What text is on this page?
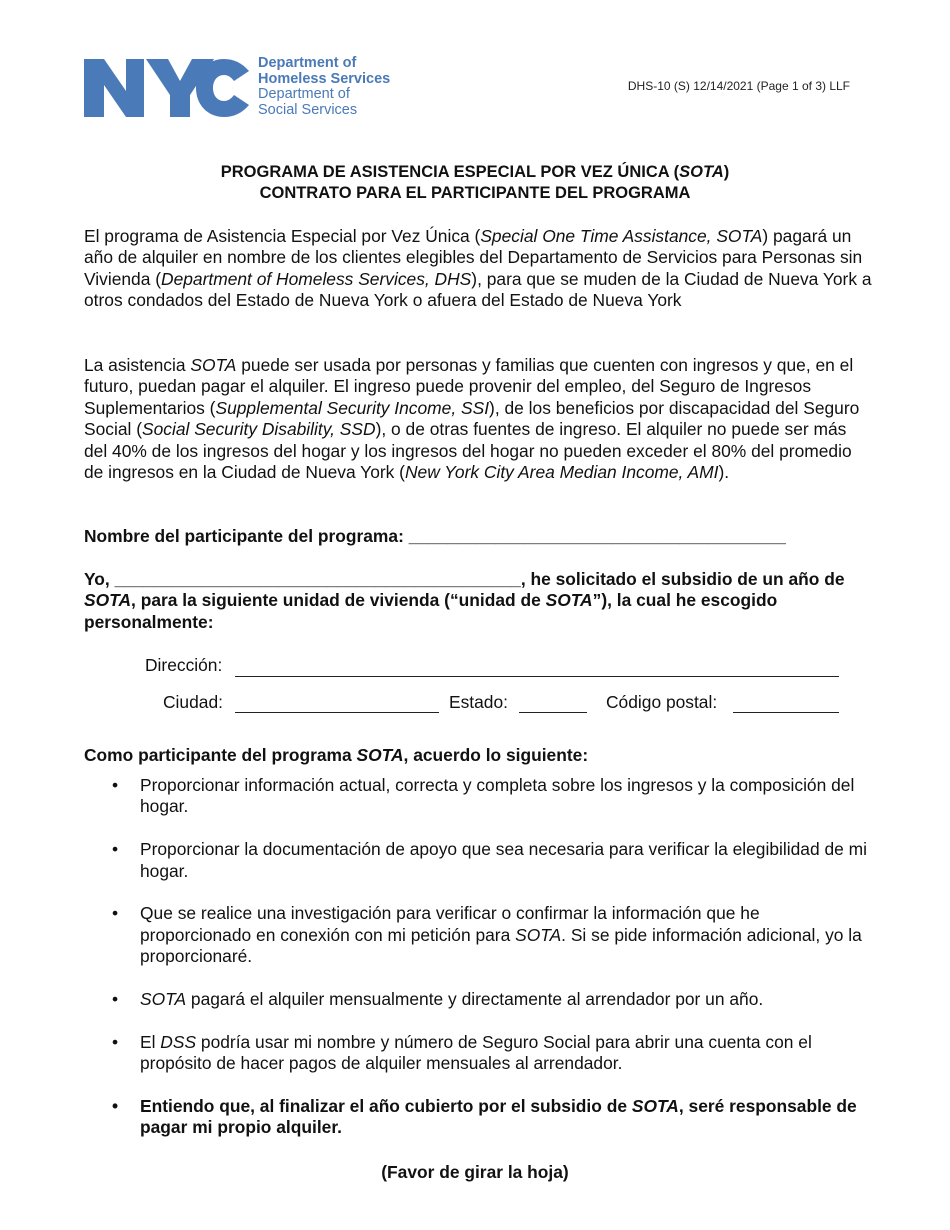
Department of
Homeless Services
Department of
Social Services
DHS-10 (S) 12/14/2021 (Page 1 of 3) LLF
PROGRAMA DE ASISTENCIA ESPECIAL POR VEZ ÚNICA (SOTA)
CONTRATO PARA EL PARTICIPANTE DEL PROGRAMA
El programa de Asistencia Especial por Vez Única (Special One Time Assistance, SOTA) pagará un año de alquiler en nombre de los clientes elegibles del Departamento de Servicios para Personas sin Vivienda (Department of Homeless Services, DHS), para que se muden de la Ciudad de Nueva York a otros condados del Estado de Nueva York o afuera del Estado de Nueva York
La asistencia SOTA puede ser usada por personas y familias que cuenten con ingresos y que, en el futuro, puedan pagar el alquiler. El ingreso puede provenir del empleo, del Seguro de Ingresos Suplementarios (Supplemental Security Income, SSI), de los beneficios por discapacidad del Seguro Social (Social Security Disability, SSD), o de otras fuentes de ingreso. El alquiler no puede ser más del 40% de los ingresos del hogar y los ingresos del hogar no pueden exceder el 80% del promedio de ingresos en la Ciudad de Nueva York (New York City Area Median Income, AMI).
Nombre del participante del programa: _______________________________________
Yo, __________________________________________, he solicitado el subsidio de un año de SOTA, para la siguiente unidad de vivienda (“unidad de SOTA”), la cual he escogido personalmente:
Dirección:
Ciudad:	Estado:	Código postal:
Como participante del programa SOTA, acuerdo lo siguiente:
• Proporcionar información actual, correcta y completa sobre los ingresos y la composición del hogar.
• Proporcionar la documentación de apoyo que sea necesaria para verificar la elegibilidad de mi hogar.
• Que se realice una investigación para verificar o confirmar la información que he proporcionado en conexión con mi petición para SOTA. Si se pide información adicional, yo la proporcionaré.
• SOTA pagará el alquiler mensualmente y directamente al arrendador por un año.
• El DSS podría usar mi nombre y número de Seguro Social para abrir una cuenta con el propósito de hacer pagos de alquiler mensuales al arrendador.
• Entiendo que, al finalizar el año cubierto por el subsidio de SOTA, seré responsable de pagar mi propio alquiler.
(Favor de girar la hoja)
